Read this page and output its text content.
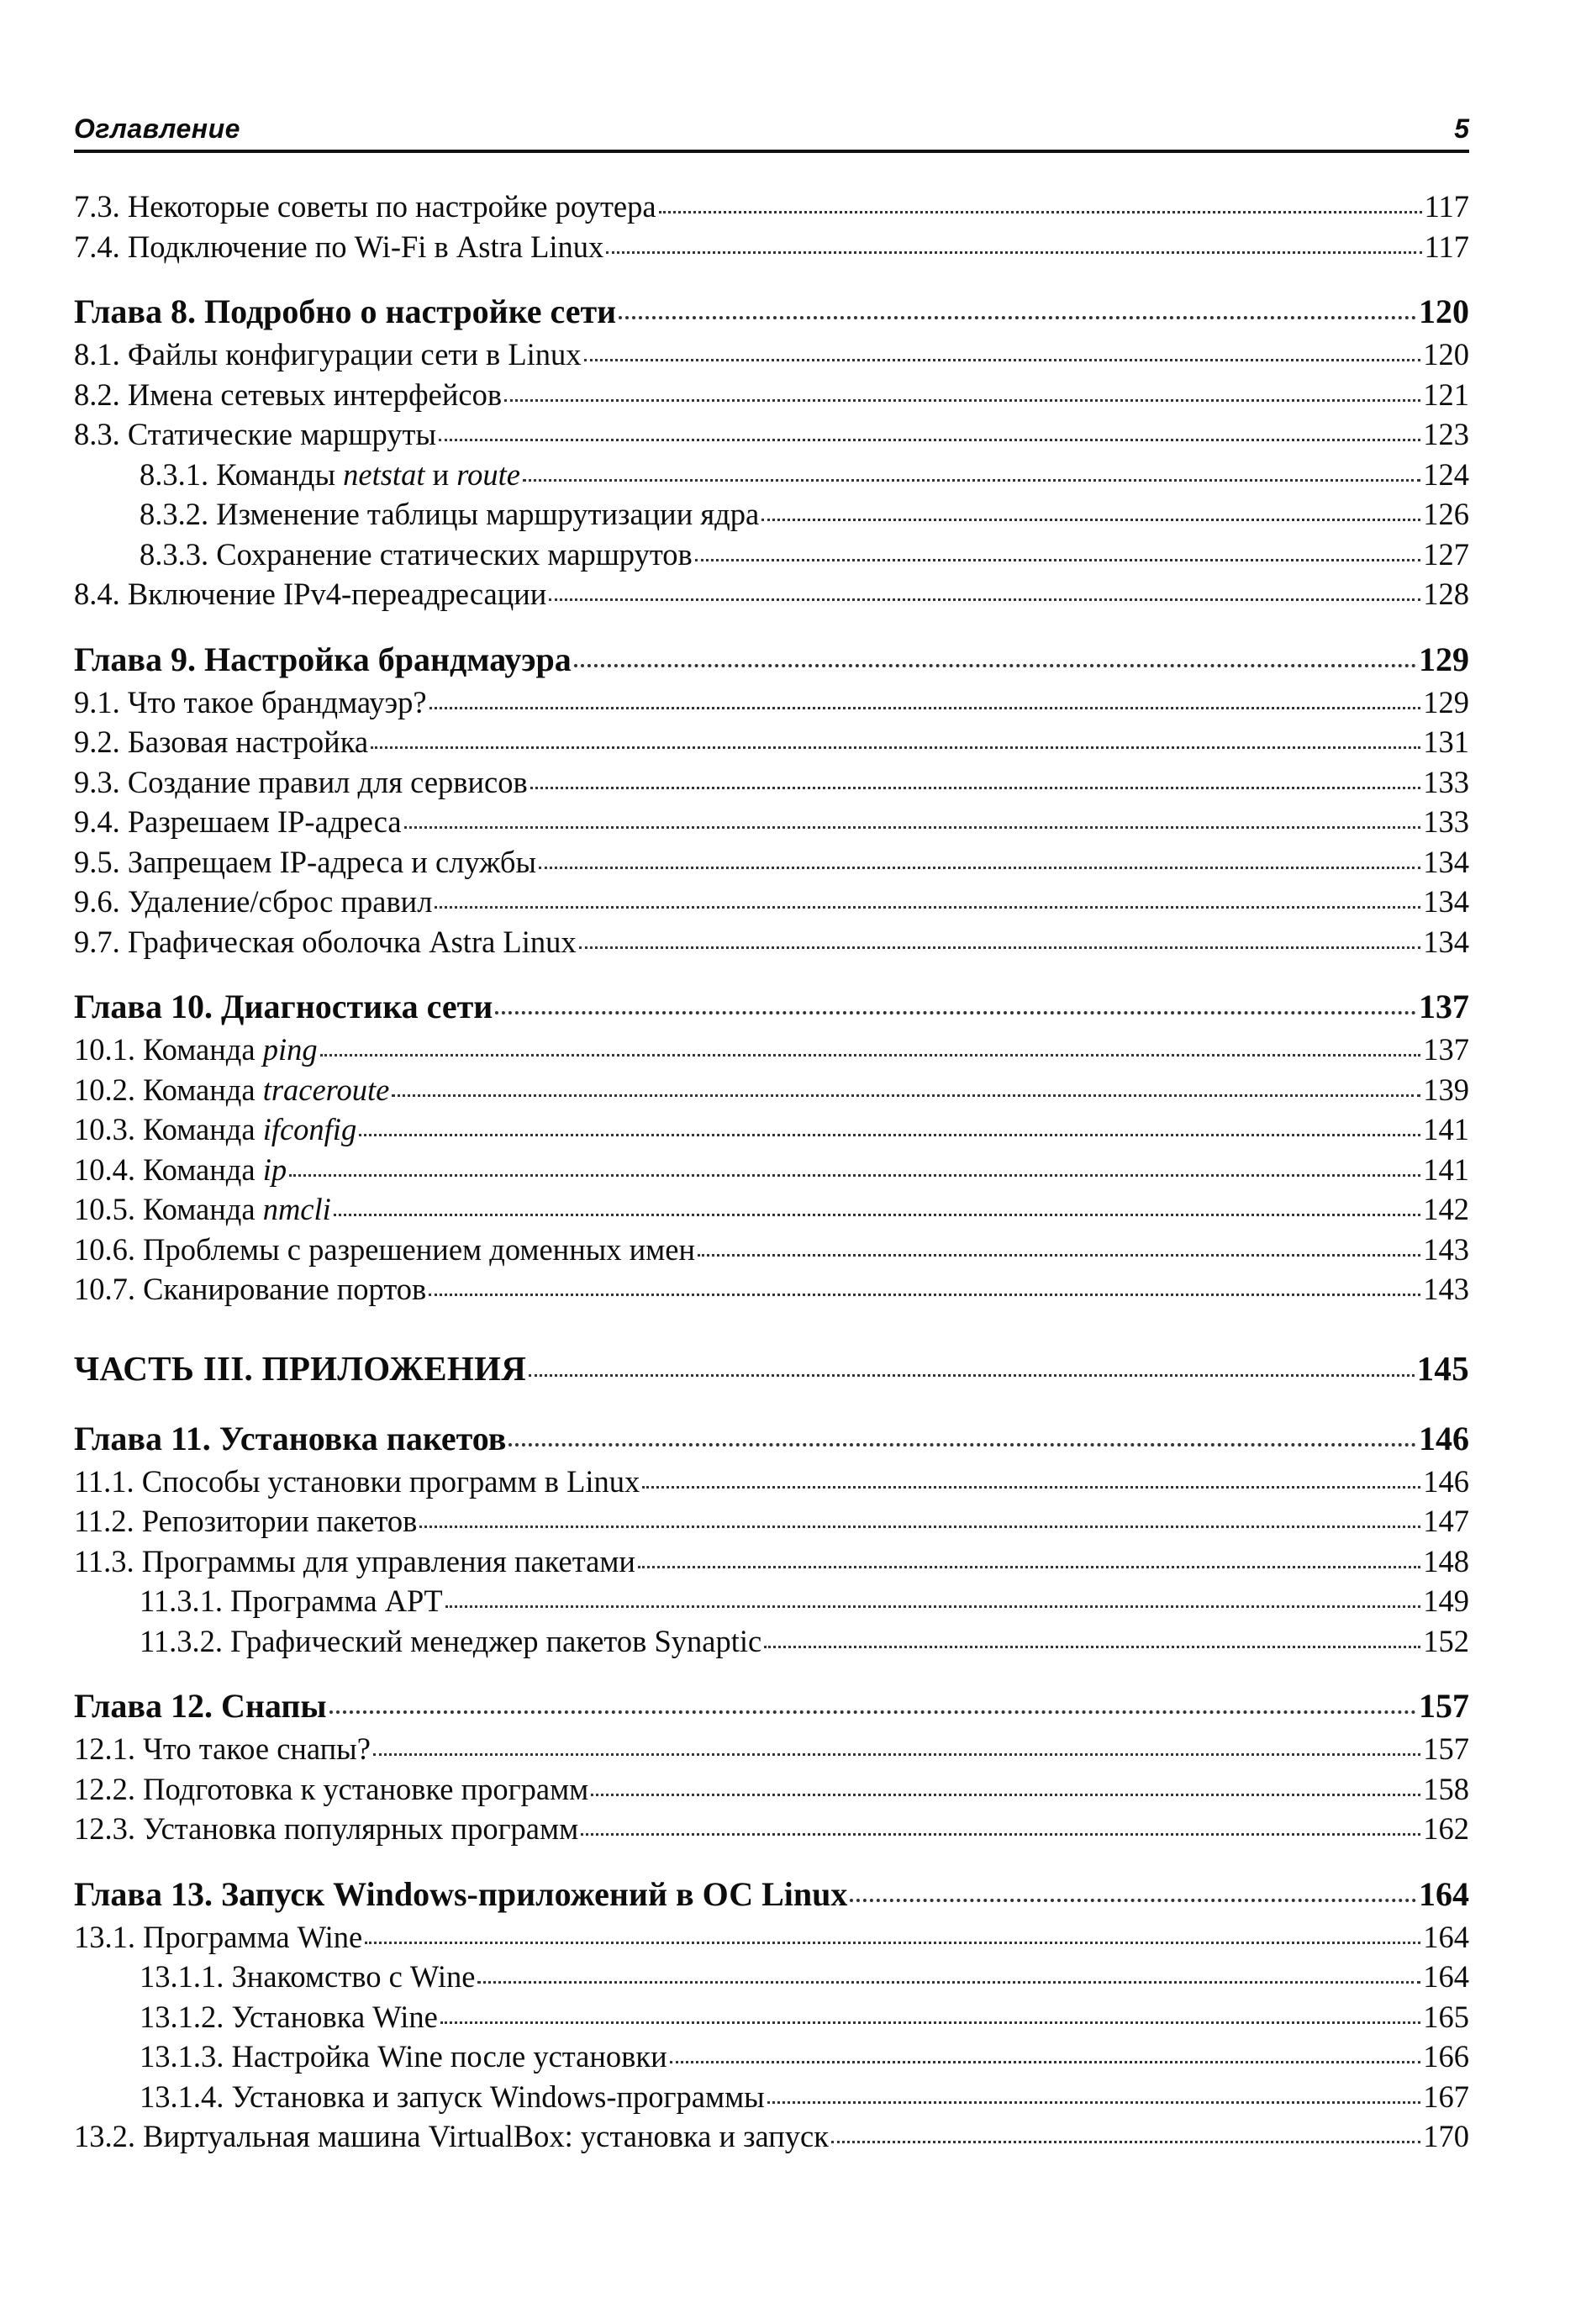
Оглавление	5
7.3. Некоторые советы по настройке роутера	117
7.4. Подключение по Wi-Fi в Astra Linux	117
Глава 8. Подробно о настройке сети	120
8.1. Файлы конфигурации сети в Linux	120
8.2. Имена сетевых интерфейсов	121
8.3. Статические маршруты	123
8.3.1. Команды netstat и route	124
8.3.2. Изменение таблицы маршрутизации ядра	126
8.3.3. Сохранение статических маршрутов	127
8.4. Включение IPv4-переадресации	128
Глава 9. Настройка брандмауэра	129
9.1. Что такое брандмауэр?	129
9.2. Базовая настройка	131
9.3. Создание правил для сервисов	133
9.4. Разрешаем IP-адреса	133
9.5. Запрещаем IP-адреса и службы	134
9.6. Удаление/сброс правил	134
9.7. Графическая оболочка Astra Linux	134
Глава 10. Диагностика сети	137
10.1. Команда ping	137
10.2. Команда traceroute	139
10.3. Команда ifconfig	141
10.4. Команда ip	141
10.5. Команда nmcli	142
10.6. Проблемы с разрешением доменных имен	143
10.7. Сканирование портов	143
ЧАСТЬ III. ПРИЛОЖЕНИЯ	145
Глава 11. Установка пакетов	146
11.1. Способы установки программ в Linux	146
11.2. Репозитории пакетов	147
11.3. Программы для управления пакетами	148
11.3.1. Программа APT	149
11.3.2. Графический менеджер пакетов Synaptic	152
Глава 12. Снапы	157
12.1. Что такое снапы?	157
12.2. Подготовка к установке программ	158
12.3. Установка популярных программ	162
Глава 13. Запуск Windows-приложений в ОС Linux	164
13.1. Программа Wine	164
13.1.1. Знакомство с Wine	164
13.1.2. Установка Wine	165
13.1.3. Настройка Wine после установки	166
13.1.4. Установка и запуск Windows-программы	167
13.2. Виртуальная машина VirtualBox: установка и запуск	170
